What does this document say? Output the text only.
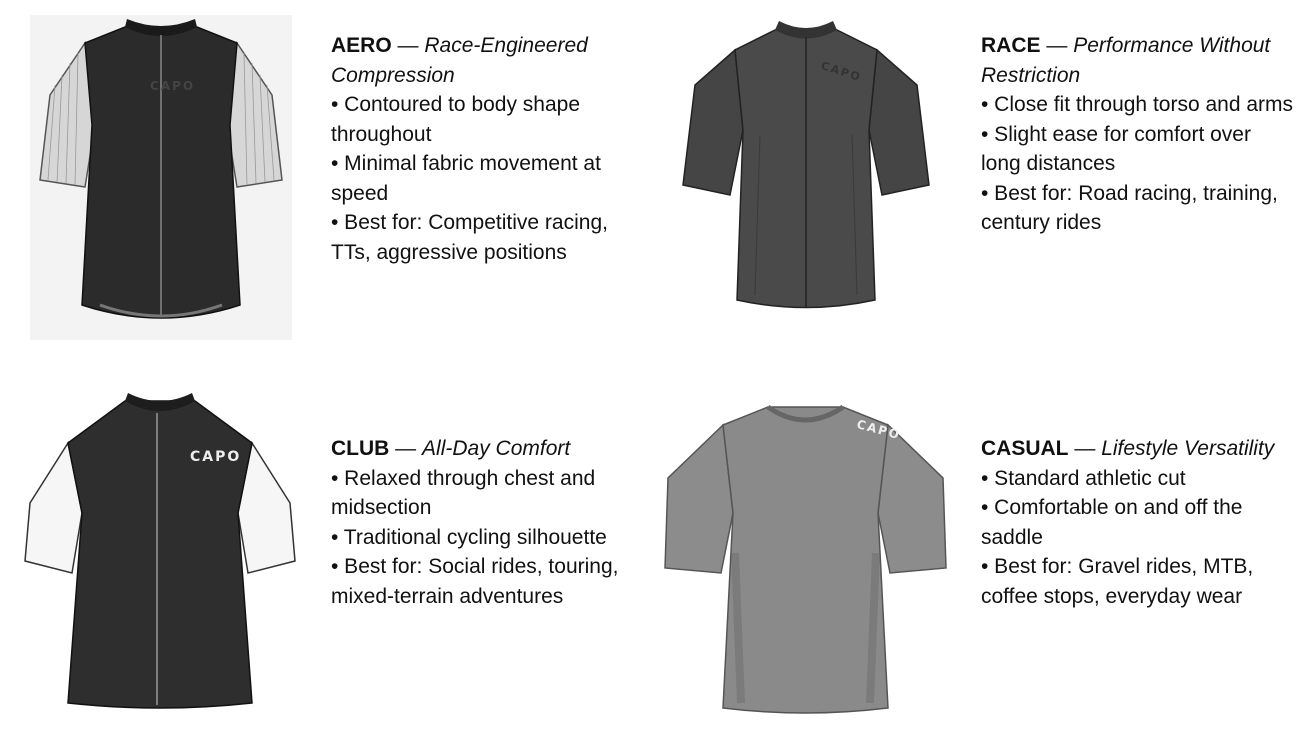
CAPO
AERO — Race-Engineered Compression
• Contoured to body shape throughout
• Minimal fabric movement at speed
• Best for: Competitive racing, TTs, aggressive positions
CAPO
RACE — Performance Without Restriction
• Close fit through torso and arms
• Slight ease for comfort over long distances
• Best for: Road racing, training, century rides
CAPO	CLUB — All-Day Comfort
• Relaxed through chest and midsection
• Traditional cycling silhouette
• Best for: Social rides, touring, mixed-terrain adventures
CAPO
CASUAL — Lifestyle Versatility
• Standard athletic cut
• Comfortable on and off the saddle
• Best for: Gravel rides, MTB, coffee stops, everyday wear
